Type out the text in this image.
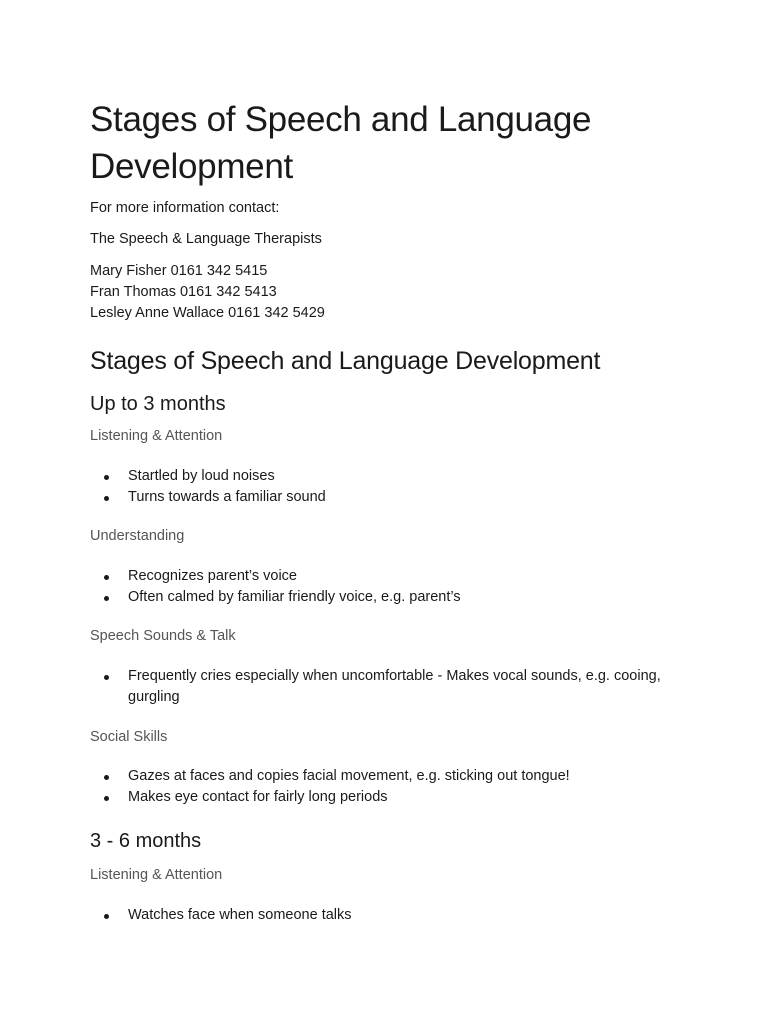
Stages of Speech and Language Development

For more information contact:

The Speech & Language Therapists

Mary Fisher 0161 342 5415
Fran Thomas 0161 342 5413
Lesley Anne Wallace 0161 342 5429
Stages of Speech and Language Development
Up to 3 months
Listening & Attention
Startled by loud noises
Turns towards a familiar sound
Understanding
Recognizes parent’s voice
Often calmed by familiar friendly voice, e.g. parent’s
Speech Sounds & Talk
Frequently cries especially when uncomfortable - Makes vocal sounds, e.g. cooing, gurgling
Social Skills
Gazes at faces and copies facial movement, e.g. sticking out tongue!
Makes eye contact for fairly long periods
3 - 6 months
Listening & Attention
Watches face when someone talks
